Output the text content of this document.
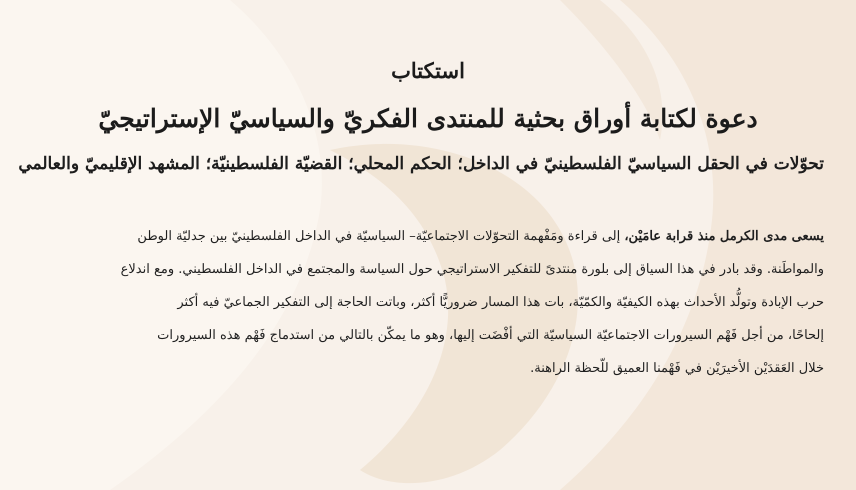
استكتاب
دعوة لكتابة أوراق بحثية للمنتدى الفكريّ والسياسيّ الإستراتيجيّ
تحوّلات في الحقل السياسيّ الفلسطينيّ في الداخل؛ الحكم المحلي؛ القضيّة الفلسطينيّة؛ المشهد الإقليميّ والعالمي
يسعى مدى الكرمل منذ قرابة عامَيْن، إلى قراءة ومَفْهمة التحوّلات الاجتماعيّة– السياسيّة في الداخل الفلسطينيّ بين جدليّة الوطن
والمواطَنة. وقد بادر في هذا السياق إلى بلورة منتدىً للتفكير الاستراتيجي حول السياسة والمجتمع في الداخل الفلسطيني. ومع اندلاع
حرب الإبادة وتولُّد الأحداث بهذه الكيفيّة والكمّيّة، بات هذا المسار ضروريًّا أكثر، وباتت الحاجة إلى التفكير الجماعيّ فيه أكثر
إلحاحًا، من أجل فَهْم السيرورات الاجتماعيّة السياسيّة التي أفْضَت إليها، وهو ما يمكّن بالتالي من استدماج فَهْم هذه السيرورات
خلال العَقدَيْن الأخيرَيْن في فَهْمنا العميق للّحظة الراهنة.
